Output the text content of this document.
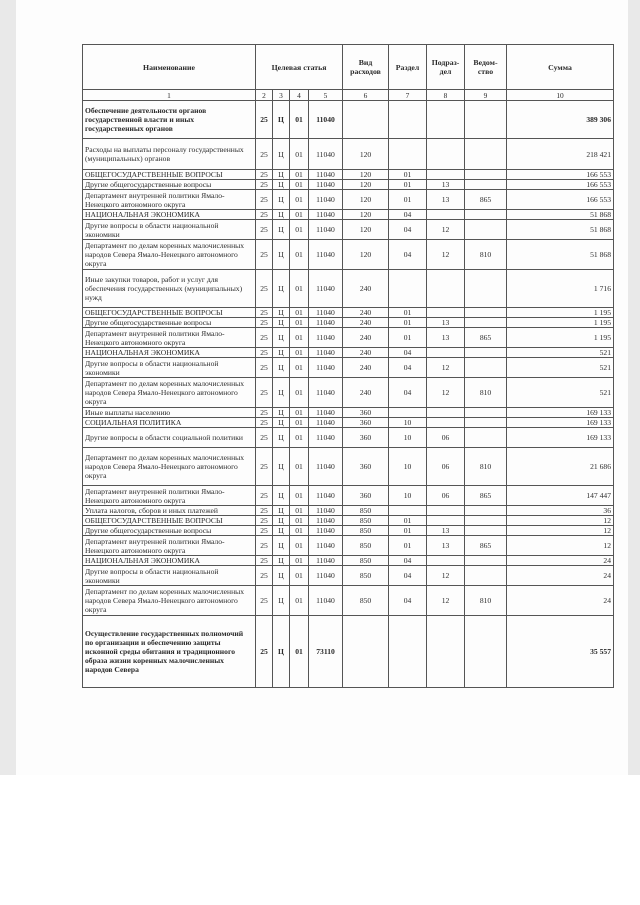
Наименование	Целевая статья				Вид расходов	Раздел	Подраз-дел	Ведом-ство	Сумма
1	2	3	4	5	6	7	8	9	10
Обеспечение деятельности органов государственной власти и иных государственных органов	25	Ц	01	11040					389 306
Расходы на выплаты персоналу государственных (муниципальных) органов	25	Ц	01	11040	120				218 421
ОБЩЕГОСУДАРСТВЕННЫЕ ВОПРОСЫ	25	Ц	01	11040	120	01			166 553
Другие общегосударственные вопросы	25	Ц	01	11040	120	01	13		166 553
Департамент внутренней политики Ямало-Ненецкого автономного округа	25	Ц	01	11040	120	01	13	865	166 553
НАЦИОНАЛЬНАЯ ЭКОНОМИКА	25	Ц	01	11040	120	04			51 868
Другие вопросы в области национальной экономики	25	Ц	01	11040	120	04	12		51 868
Департамент по делам коренных малочисленных народов Севера Ямало-Ненецкого автономного округа	25	Ц	01	11040	120	04	12	810	51 868
Иные закупки товаров, работ и услуг для обеспечения государственных (муниципальных) нужд	25	Ц	01	11040	240				1 716
ОБЩЕГОСУДАРСТВЕННЫЕ ВОПРОСЫ	25	Ц	01	11040	240	01			1 195
Другие общегосударственные вопросы	25	Ц	01	11040	240	01	13		1 195
Департамент внутренней политики Ямало-Ненецкого автономного округа	25	Ц	01	11040	240	01	13	865	1 195
НАЦИОНАЛЬНАЯ ЭКОНОМИКА	25	Ц	01	11040	240	04			521
Другие вопросы в области национальной экономики	25	Ц	01	11040	240	04	12		521
Департамент по делам коренных малочисленных народов Севера Ямало-Ненецкого автономного округа	25	Ц	01	11040	240	04	12	810	521
Иные выплаты населению	25	Ц	01	11040	360				169 133
СОЦИАЛЬНАЯ ПОЛИТИКА	25	Ц	01	11040	360	10			169 133
Другие вопросы в области социальной политики	25	Ц	01	11040	360	10	06		169 133
Департамент по делам коренных малочисленных народов Севера Ямало-Ненецкого автономного округа	25	Ц	01	11040	360	10	06	810	21 686
Департамент внутренней политики Ямало-Ненецкого автономного округа	25	Ц	01	11040	360	10	06	865	147 447
Уплата налогов, сборов и иных платежей	25	Ц	01	11040	850				36
ОБЩЕГОСУДАРСТВЕННЫЕ ВОПРОСЫ	25	Ц	01	11040	850	01			12
Другие общегосударственные вопросы	25	Ц	01	11040	850	01	13		12
Департамент внутренней политики Ямало-Ненецкого автономного округа	25	Ц	01	11040	850	01	13	865	12
НАЦИОНАЛЬНАЯ ЭКОНОМИКА	25	Ц	01	11040	850	04			24
Другие вопросы в области национальной экономики	25	Ц	01	11040	850	04	12		24
Департамент по делам коренных малочисленных народов Севера Ямало-Ненецкого автономного округа	25	Ц	01	11040	850	04	12	810	24
Осуществление государственных полномочий по организации и обеспечению защиты исконной среды обитания и традиционного образа жизни коренных малочисленных народов Севера	25	Ц	01	73110					35 557
